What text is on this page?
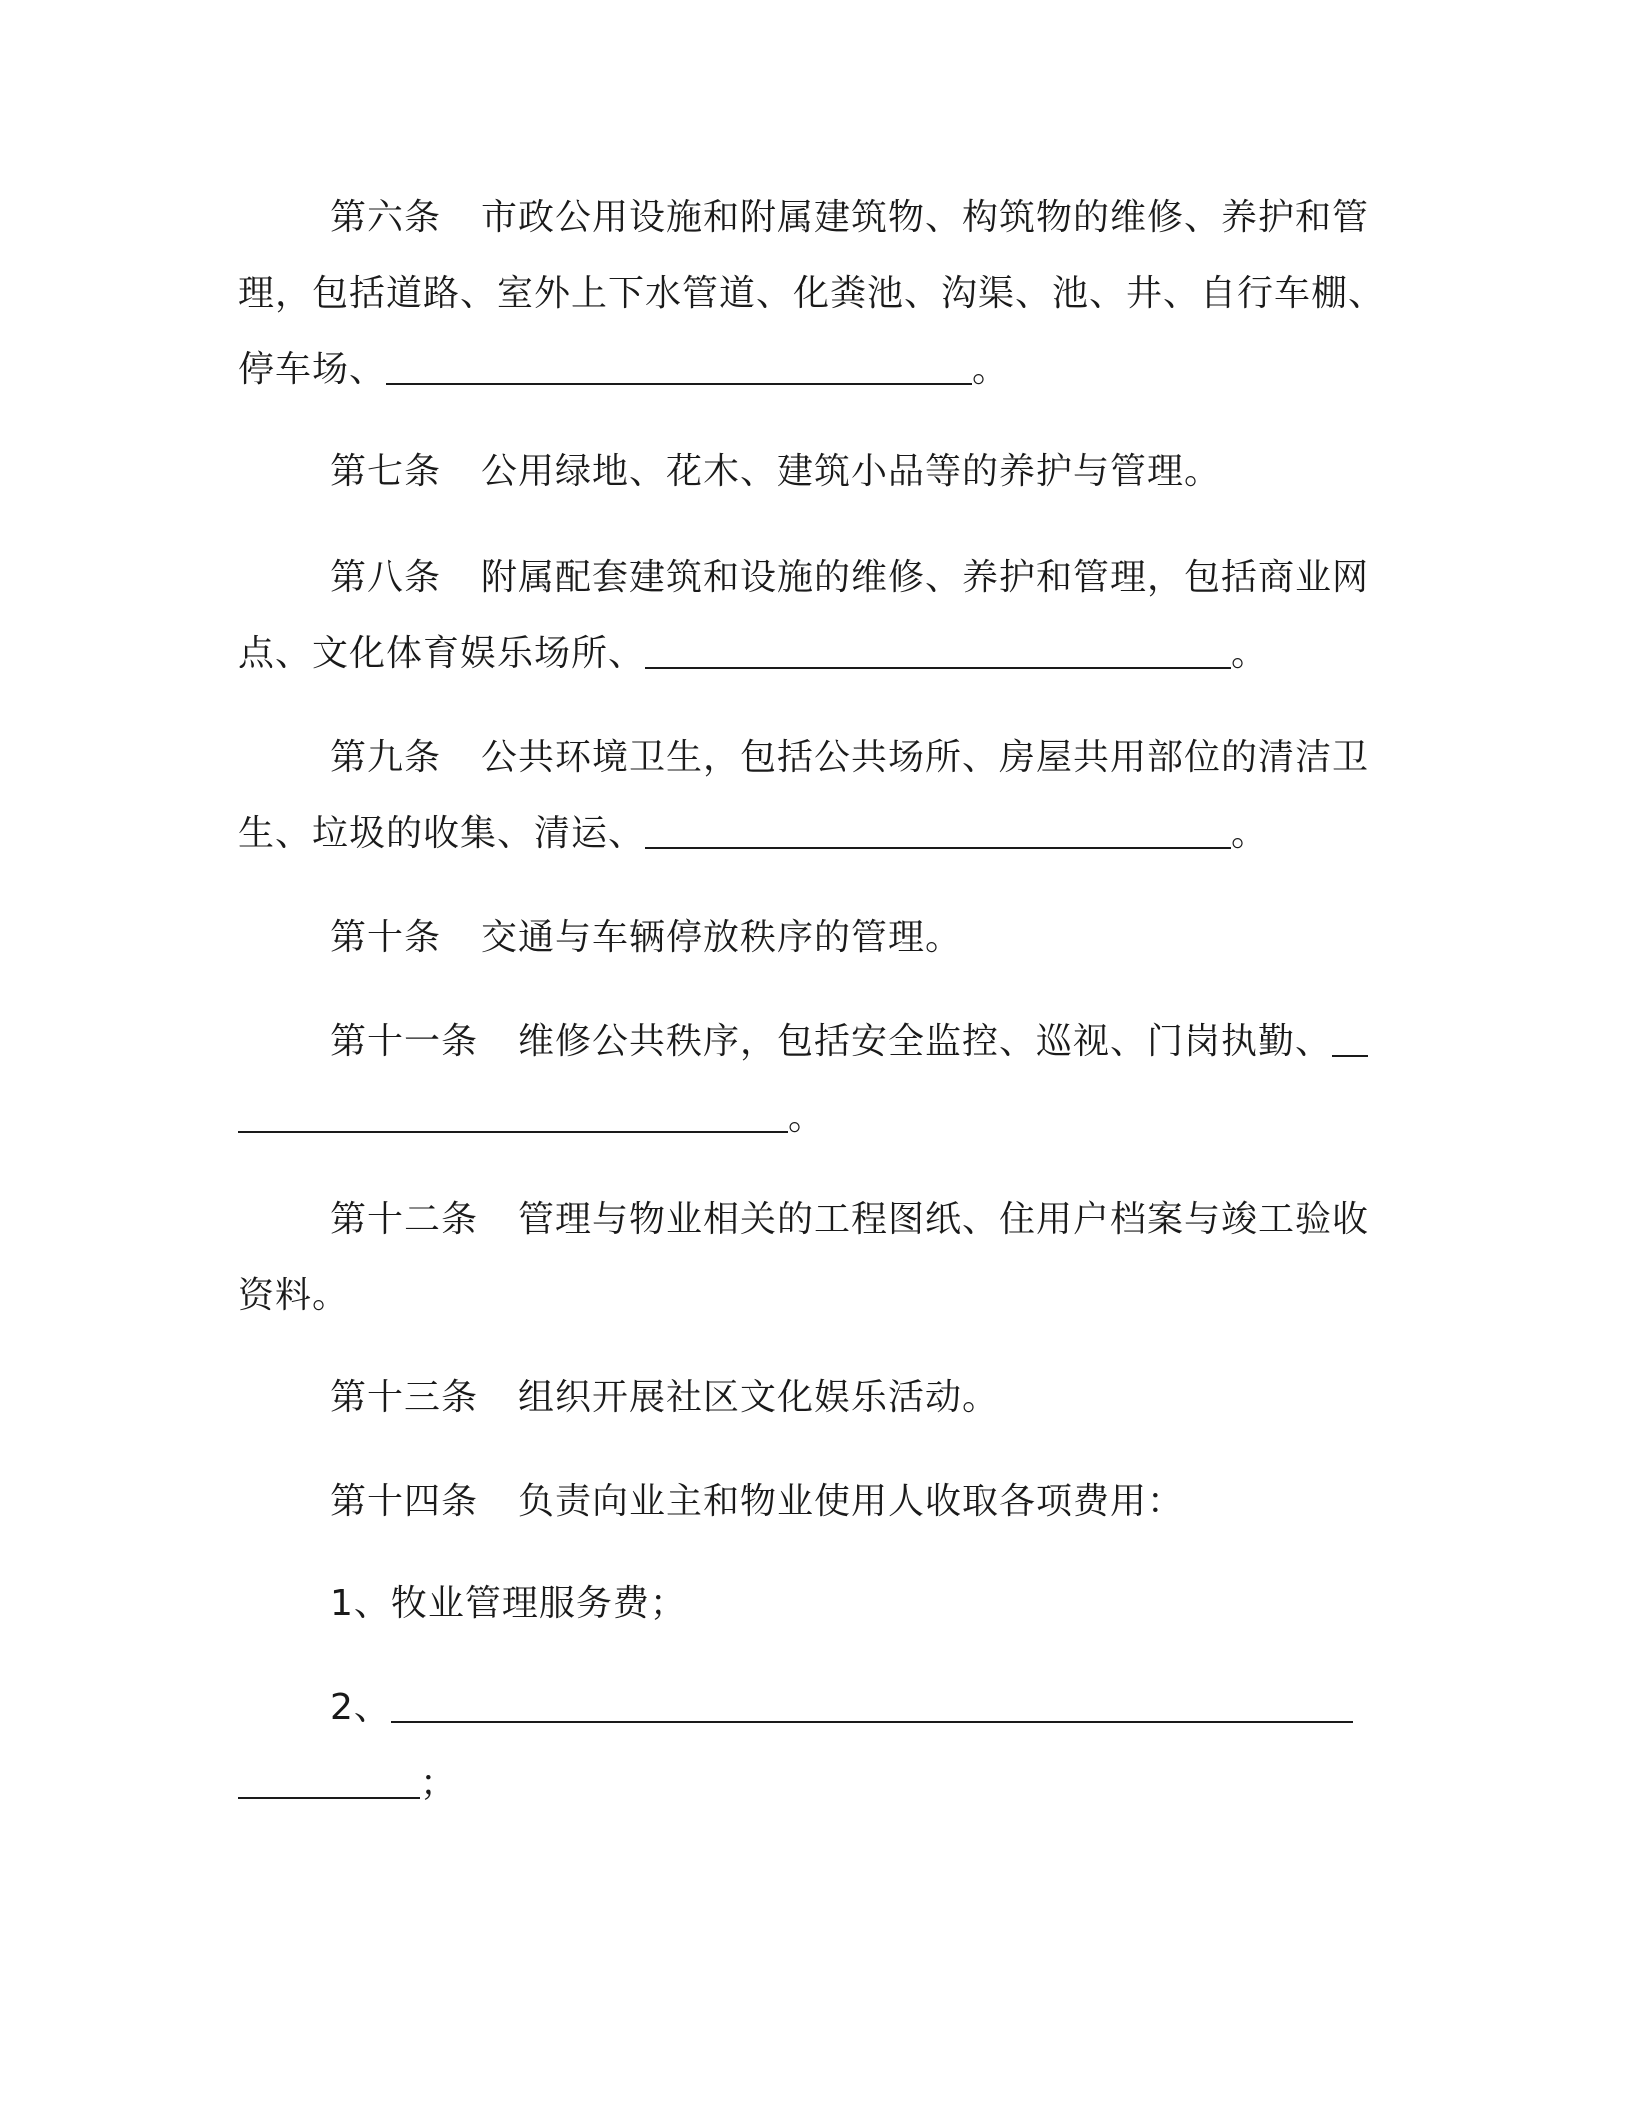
第六条 市政公用设施和附属建筑物、构筑物的维修、养护和管
理，包括道路、室外上下水管道、化粪池、沟渠、池、井、自行车棚、
停车场、	。
第七条 公用绿地、花木、建筑小品等的养护与管理。
第八条 附属配套建筑和设施的维修、养护和管理，包括商业网
点、文化体育娱乐场所、	。
第九条 公共环境卫生，包括公共场所、房屋共用部位的清洁卫
生、垃圾的收集、清运、	。
第十条 交通与车辆停放秩序的管理。
第十一条 维修公共秩序，包括安全监控、巡视、门岗执勤、
。
第十二条 管理与物业相关的工程图纸、住用户档案与竣工验收
资料。
第十三条 组织开展社区文化娱乐活动。
第十四条 负责向业主和物业使用人收取各项费用：
1、牧业管理服务费；
2、
；
